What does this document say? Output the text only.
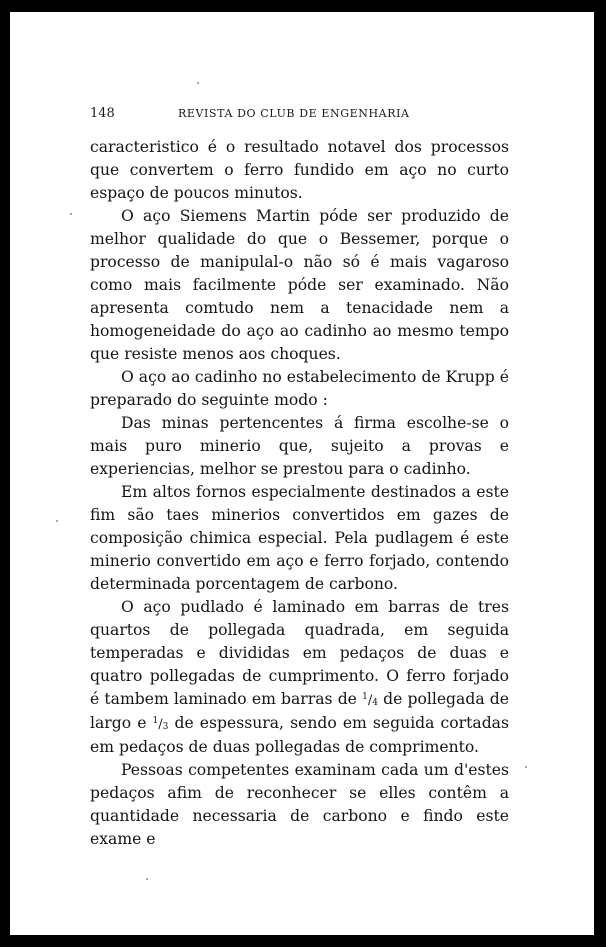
148	REVISTA DO CLUB DE ENGENHARIA

caracteristico é o resultado notavel dos processos que convertem o ferro fundido em aço no curto espaço de poucos minutos.

O aço Siemens Martin póde ser produzido de melhor qualidade do que o Bessemer, porque o processo de manipulal-o não só é mais vagaroso como mais facilmente póde ser examinado. Não apresenta comtudo nem a tenacidade nem a homogeneidade do aço ao cadinho ao mesmo tempo que resiste menos aos choques.

O aço ao cadinho no estabelecimento de Krupp é preparado do seguinte modo :

Das minas pertencentes á firma escolhe-se o mais puro minerio que, sujeito a provas e experiencias, melhor se prestou para o cadinho.

Em altos fornos especialmente destinados a este fim são taes minerios convertidos em gazes de composição chimica especial. Pela pudlagem é este minerio convertido em aço e ferro forjado, contendo determinada porcentagem de carbono.

O aço pudlado é laminado em barras de tres quartos de pollegada quadrada, em seguida temperadas e divididas em pedaços de duas e quatro pollegadas de cumprimento. O ferro forjado é tambem laminado em barras de $^1/_4$ de pollegada de largo e $^1/_3$ de espessura, sendo em seguida cortadas em pedaços de duas pollegadas de comprimento.

Pessoas competentes examinam cada um d'estes pedaços afim de reconhecer se elles contêm a quantidade necessaria de carbono e findo este exame e
